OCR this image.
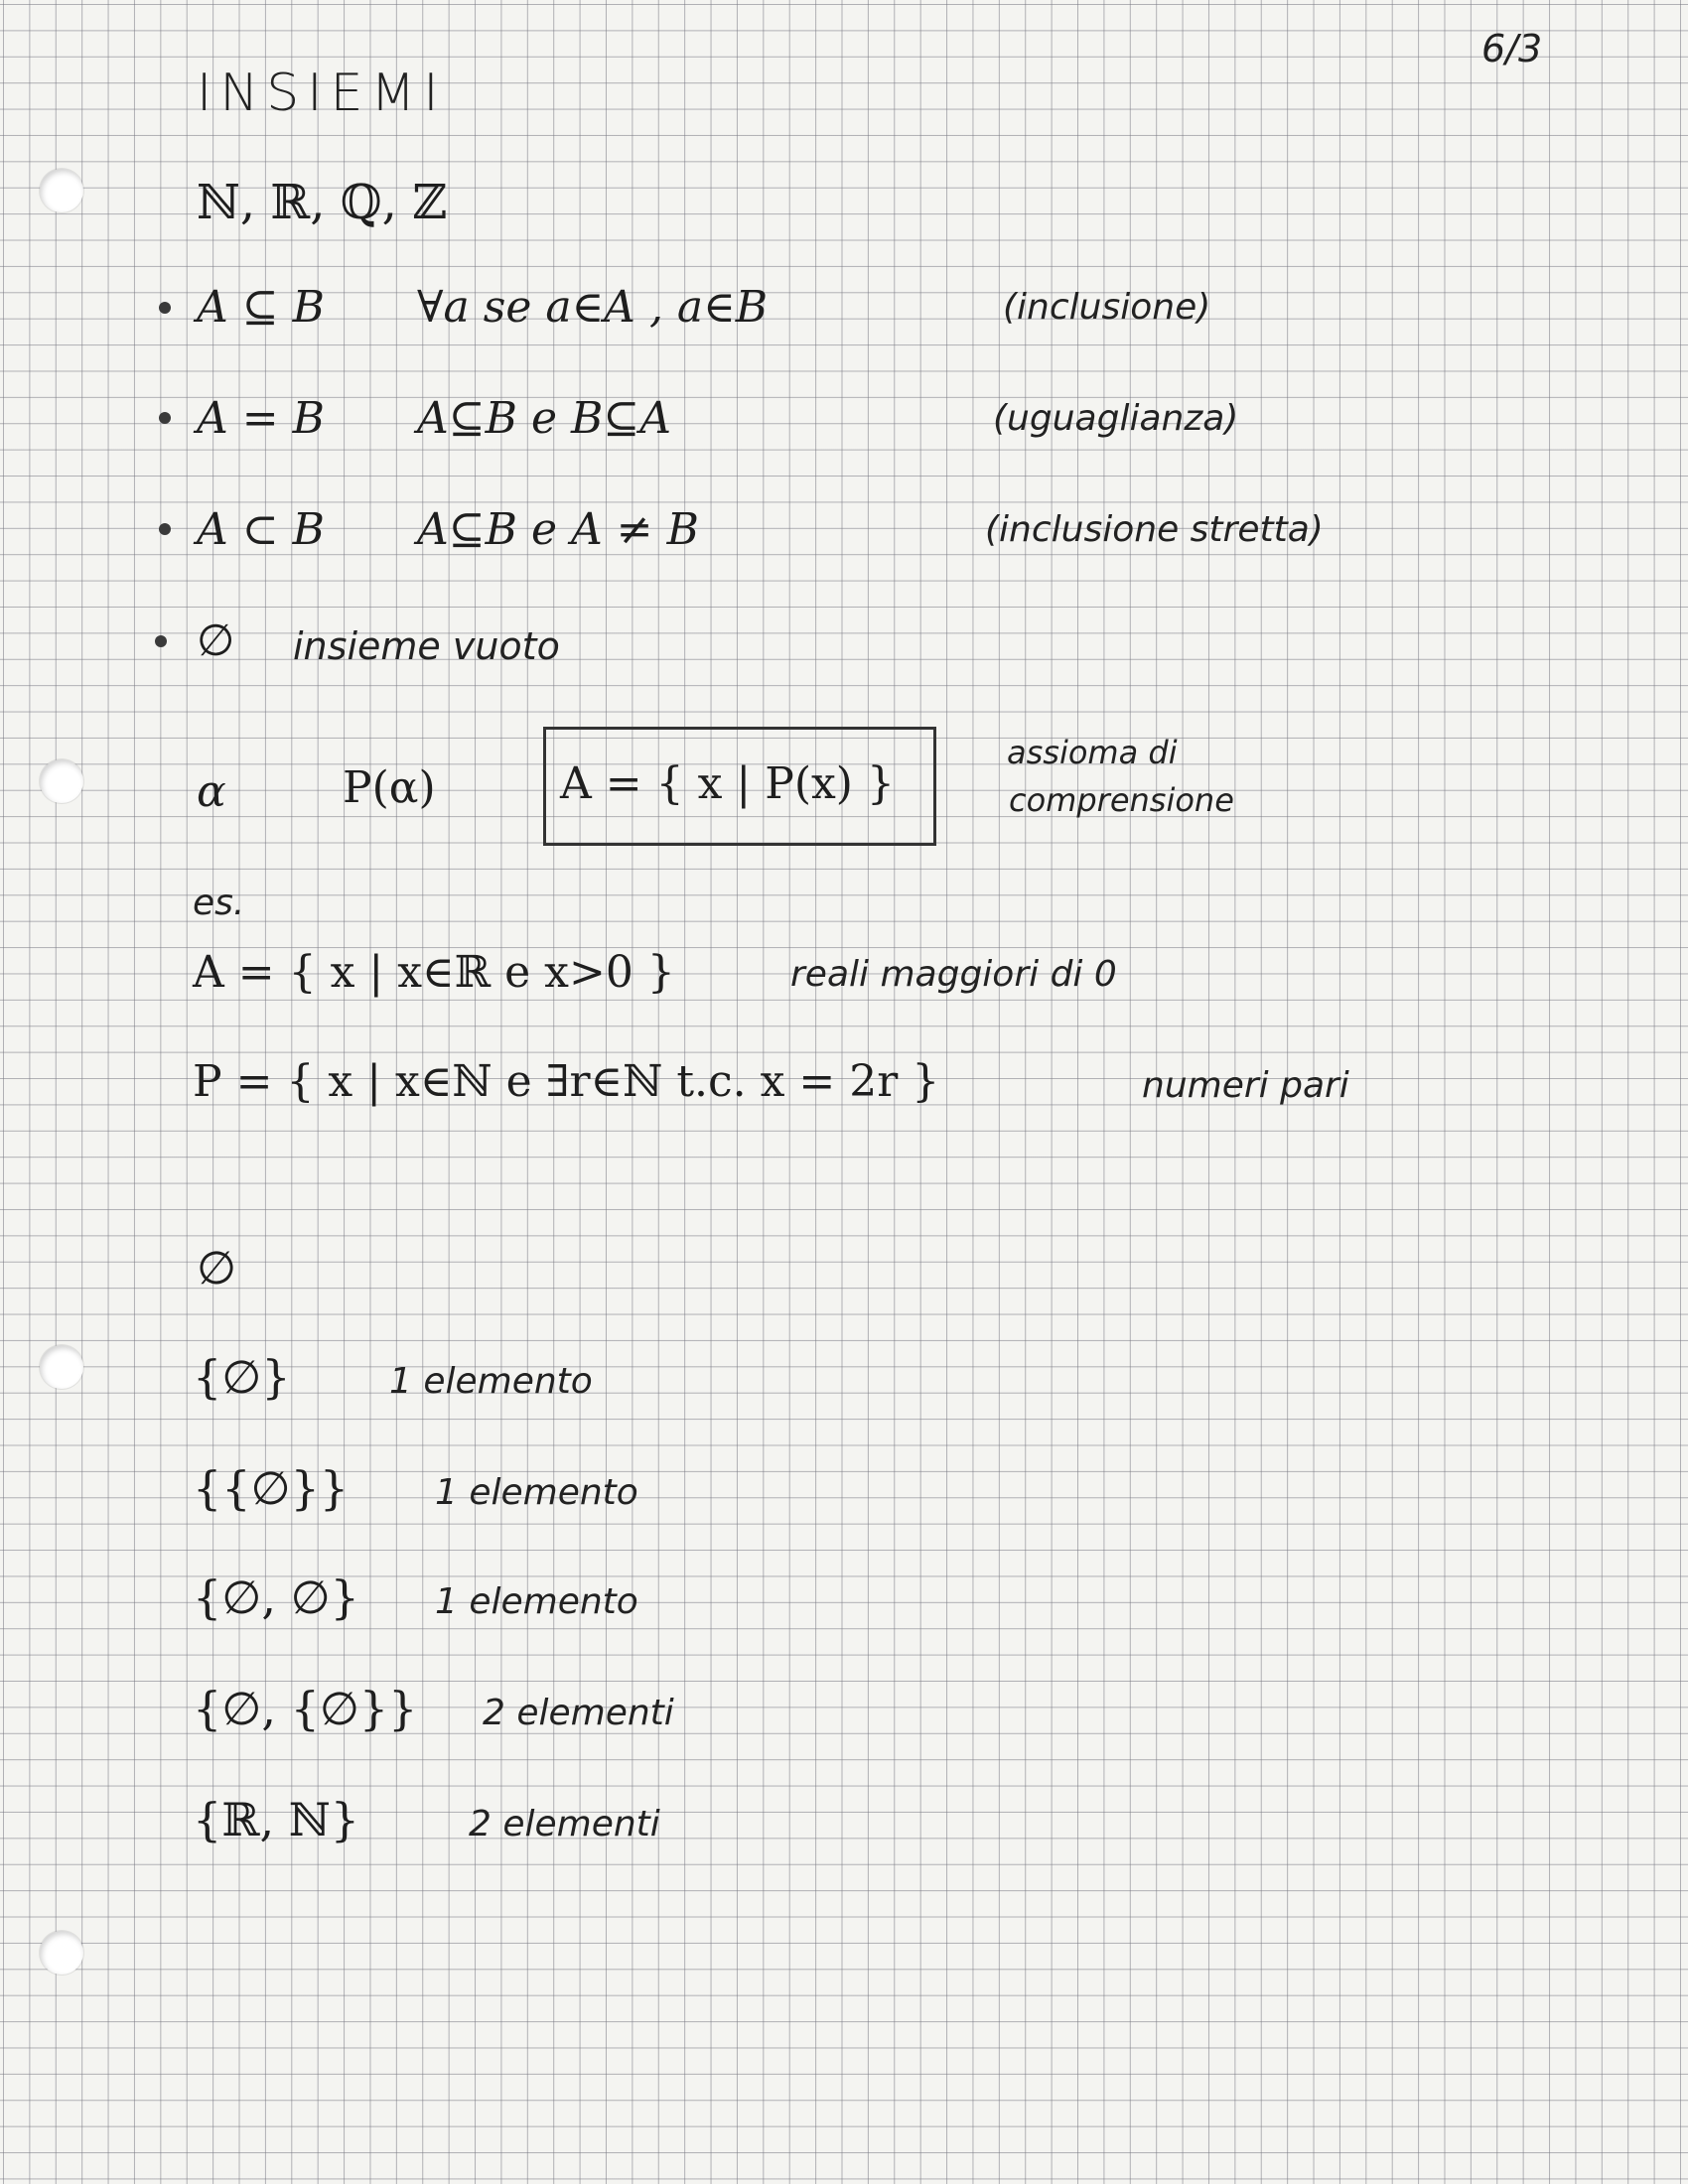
6/3
INSIEMI
ℕ, ℝ, ℚ, ℤ
A ⊆ B ∀a se a∈A , a∈B	(inclusione)
A = B A⊆B e B⊆A	(uguaglianza)
A ⊂ B A⊆B e A ≠ B	(inclusione stretta)
∅ insieme vuoto
α	P(α)	A = { x | P(x) }
assioma di
comprensione
es.
A = { x | x∈ℝ e x>0 }	reali maggiori di 0
P = { x | x∈ℕ e ∃r∈ℕ t.c. x = 2r }	numeri pari
∅
{∅}	1 elemento
{{∅}} 1 elemento
{∅, ∅} 1 elemento
{∅, {∅}} 2 elementi
{ℝ, ℕ}	2 elementi
